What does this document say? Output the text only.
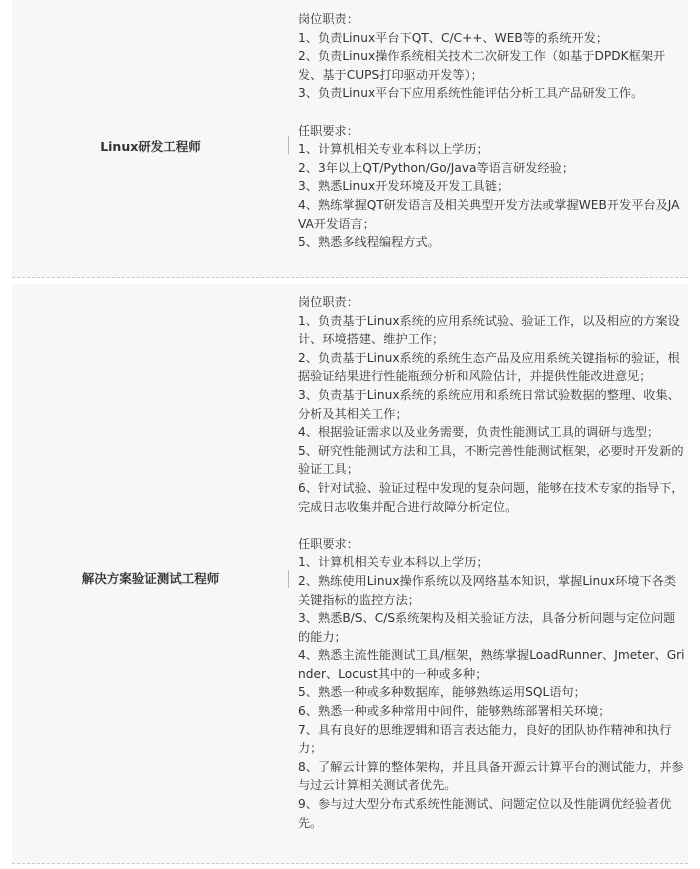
Linux研发工程师

岗位职责：

1、负责Linux平台下QT、C/C++、WEB等的系统开发；

2、负责Linux操作系统相关技术二次研发工作（如基于DPDK框架开发、基于CUPS打印驱动开发等）；

3、负责Linux平台下应用系统性能评估分析工具产品研发工作。

任职要求：

1、计算机相关专业本科以上学历；

2、3年以上QT/Python/Go/Java等语言研发经验；

3、熟悉Linux开发环境及开发工具链；

4、熟练掌握QT研发语言及相关典型开发方法或掌握WEB开发平台及JAVA开发语言；

5、熟悉多线程编程方式。

解决方案验证测试工程师

岗位职责：

1、负责基于Linux系统的应用系统试验、验证工作，以及相应的方案设计、环境搭建、维护工作；

2、负责基于Linux系统的系统生态产品及应用系统关键指标的验证，根据验证结果进行性能瓶颈分析和风险估计，并提供性能改进意见；

3、负责基于Linux系统的系统应用和系统日常试验数据的整理、收集、分析及其相关工作；

4、根据验证需求以及业务需要，负责性能测试工具的调研与选型；

5、研究性能测试方法和工具，不断完善性能测试框架，必要时开发新的验证工具；

6、针对试验、验证过程中发现的复杂问题，能够在技术专家的指导下，完成日志收集并配合进行故障分析定位。

任职要求：

1、计算机相关专业本科以上学历；

2、熟练使用Linux操作系统以及网络基本知识，掌握Linux环境下各类关键指标的监控方法；

3、熟悉B/S、C/S系统架构及相关验证方法，具备分析问题与定位问题的能力；

4、熟悉主流性能测试工具/框架，熟练掌握LoadRunner、Jmeter、Grinder、Locust其中的一种或多种；

5、熟悉一种或多种数据库，能够熟练运用SQL语句；

6、熟悉一种或多种常用中间件，能够熟练部署相关环境；

7、具有良好的思维逻辑和语言表达能力，良好的团队协作精神和执行力；

8、了解云计算的整体架构，并且具备开源云计算平台的测试能力，并参与过云计算相关测试者优先。

9、参与过大型分布式系统性能测试、问题定位以及性能调优经验者优先。
